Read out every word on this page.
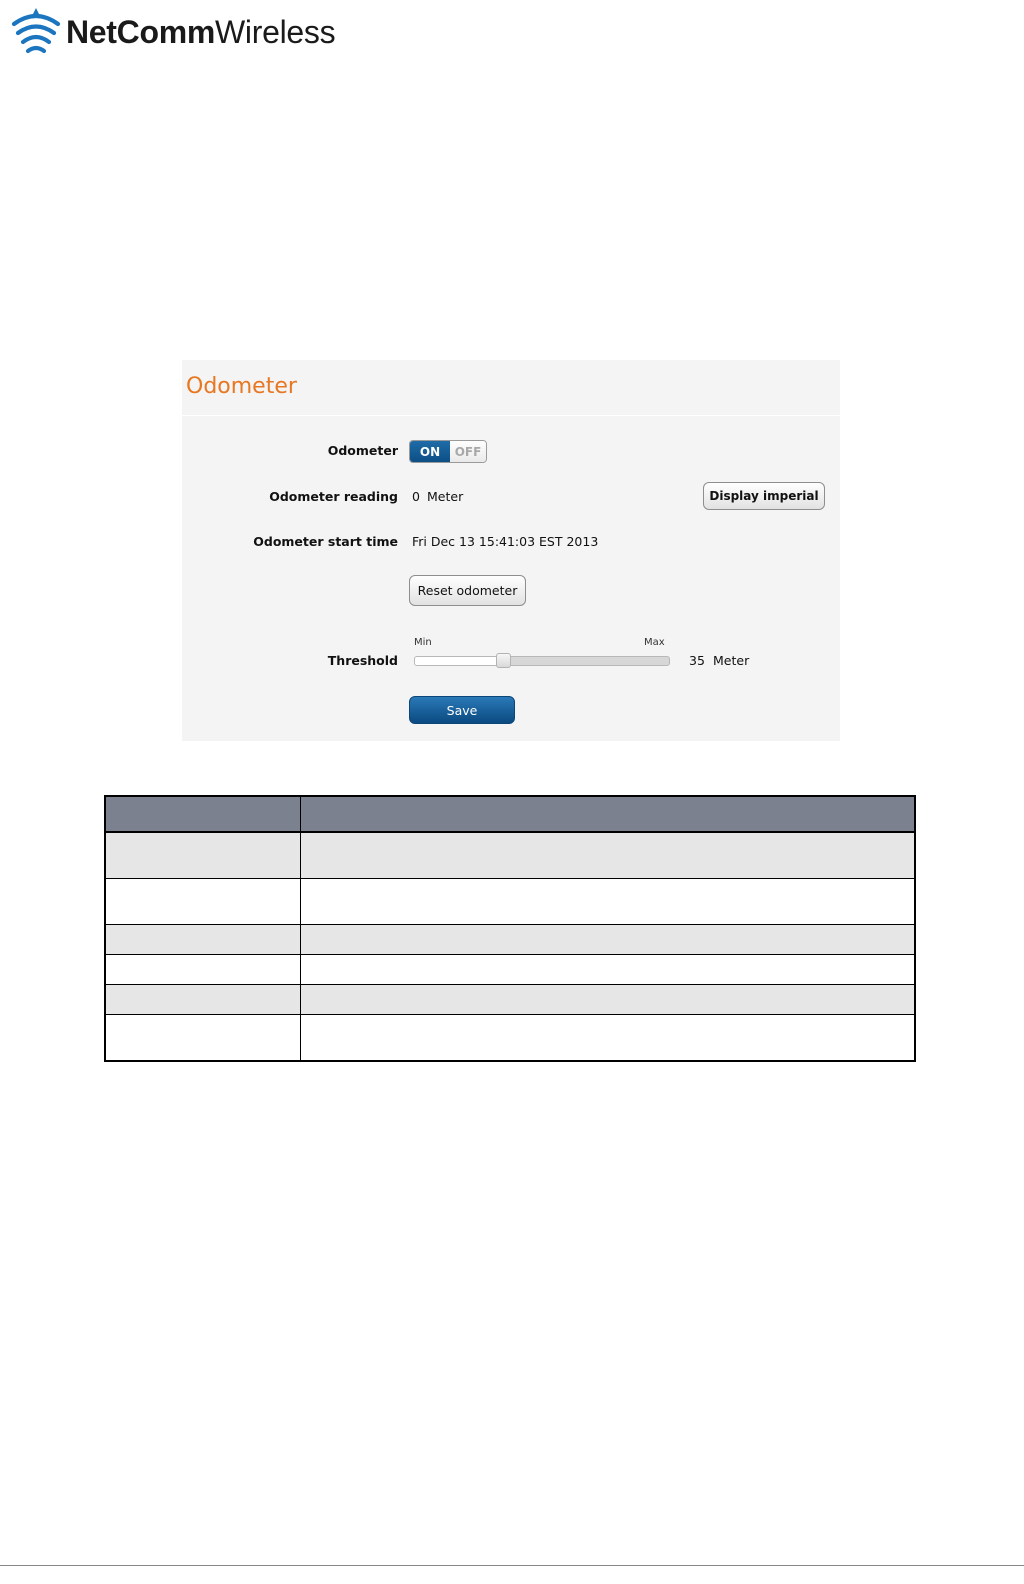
NetCommWireless
Odometer
Odometer	ON	OFF
Odometer reading 0 Meter	Display imperial
Odometer start time Fri Dec 13 15:41:03 EST 2013
Reset odometer
Min	Max
Threshold	35 Meter
Save
